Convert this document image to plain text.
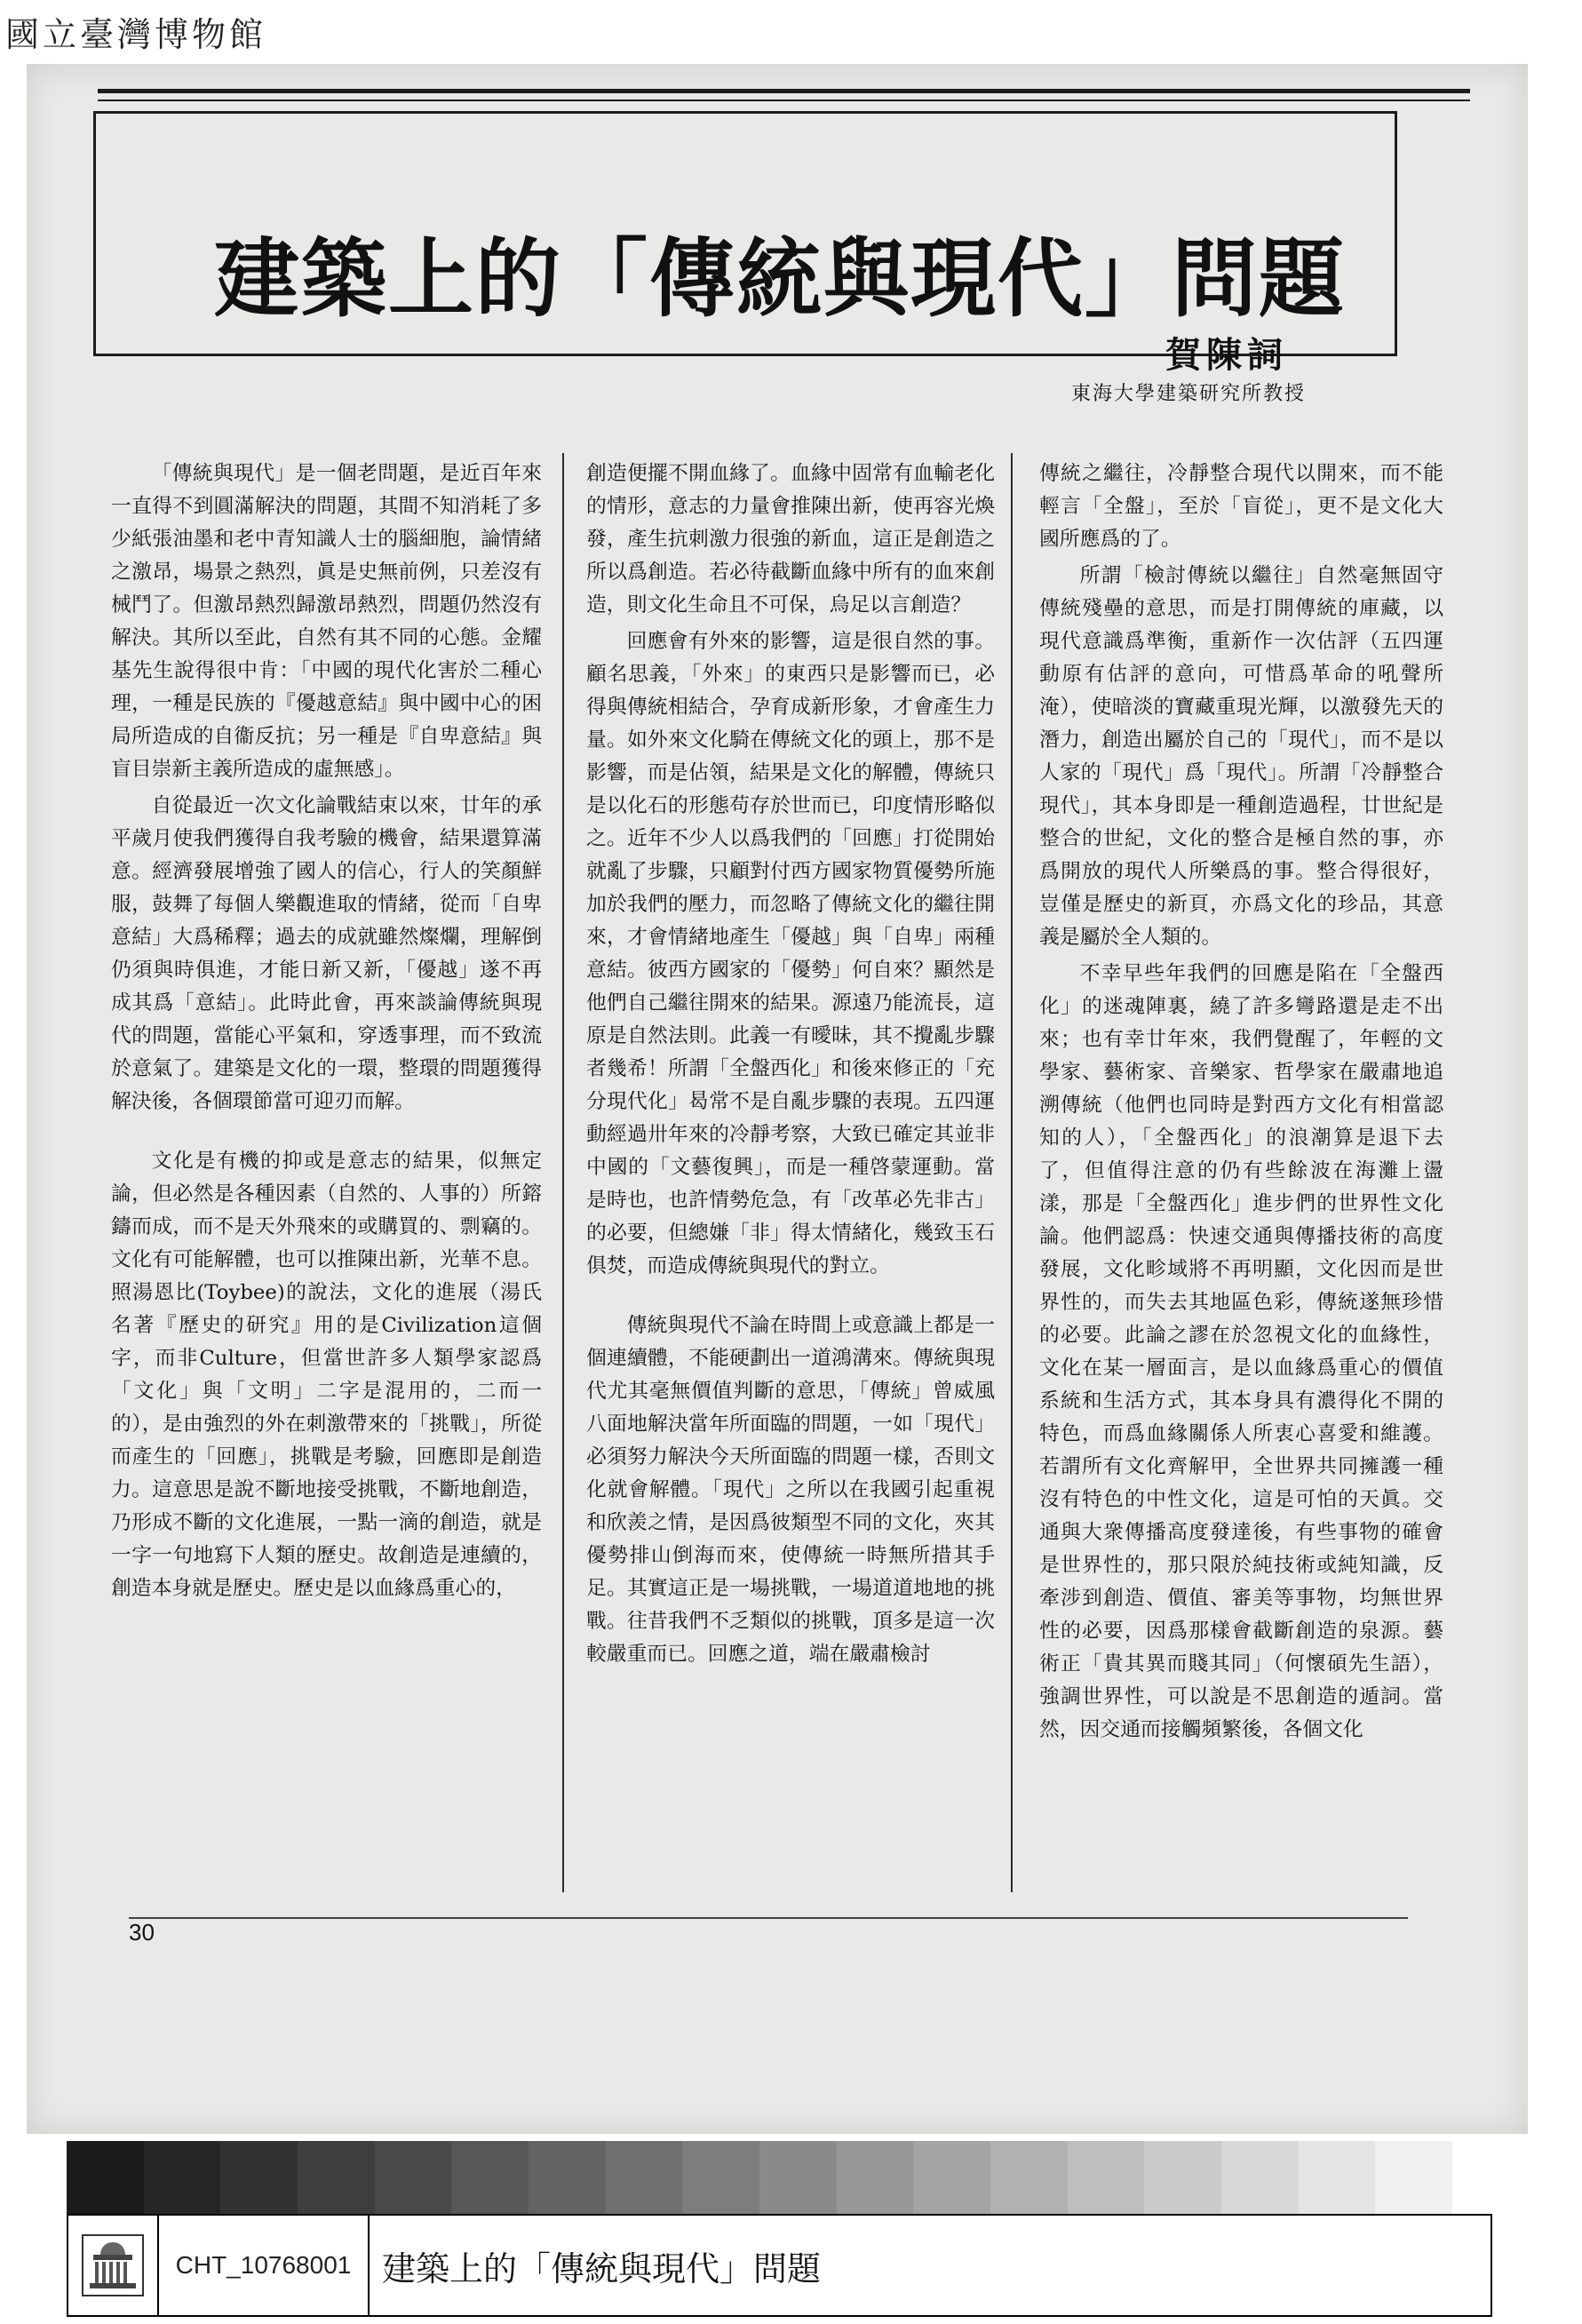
國立臺灣博物館
建築上的「傳統與現代」問題
賀陳詞
東海大學建築研究所教授

「傳統與現代」是一個老問題，是近百年來一直得不到圓滿解決的問題，其間不知消耗了多少紙張油墨和老中青知識人士的腦細胞，論情緒之激昂，場景之熱烈，眞是史無前例，只差沒有械鬥了。但激昂熱烈歸激昂熱烈，問題仍然沒有解決。其所以至此，自然有其不同的心態。金耀基先生說得很中肯：「中國的現代化害於二種心理，一種是民族的『優越意結』與中國中心的困局所造成的自衞反抗；另一種是『自卑意結』與盲目崇新主義所造成的虛無感」。

自從最近一次文化論戰結束以來，廿年的承平歲月使我們獲得自我考驗的機會，結果還算滿意。經濟發展增強了國人的信心，行人的笑顏鮮服，鼓舞了每個人樂觀進取的情緒，從而「自卑意結」大爲稀釋；過去的成就雖然燦爛，理解倒仍須與時俱進，才能日新又新，「優越」遂不再成其爲「意結」。此時此會，再來談論傳統與現代的問題，當能心平氣和，穿透事理，而不致流於意氣了。建築是文化的一環，整環的問題獲得解決後，各個環節當可迎刃而解。

文化是有機的抑或是意志的結果，似無定論，但必然是各種因素（自然的、人事的）所鎔鑄而成，而不是天外飛來的或購買的、剽竊的。文化有可能解體，也可以推陳出新，光華不息。照湯恩比(Toybee)的說法，文化的進展（湯氏名著『歷史的研究』用的是Civilization這個字，而非Culture，但當世許多人類學家認爲「文化」與「文明」二字是混用的，二而一的），是由強烈的外在刺激帶來的「挑戰」，所從而產生的「回應」，挑戰是考驗，回應即是創造力。這意思是說不斷地接受挑戰，不斷地創造，乃形成不斷的文化進展，一點一滴的創造，就是一字一句地寫下人類的歷史。故創造是連續的，創造本身就是歷史。歷史是以血緣爲重心的，

創造便擺不開血緣了。血緣中固常有血輸老化的情形，意志的力量會推陳出新，使再容光煥發，產生抗刺激力很強的新血，這正是創造之所以爲創造。若必待截斷血緣中所有的血來創造，則文化生命且不可保，烏足以言創造？

回應會有外來的影響，這是很自然的事。顧名思義，「外來」的東西只是影響而已，必得與傳統相結合，孕育成新形象，才會產生力量。如外來文化騎在傳統文化的頭上，那不是影響，而是佔領，結果是文化的解體，傳統只是以化石的形態苟存於世而已，印度情形略似之。近年不少人以爲我們的「回應」打從開始就亂了步驟，只顧對付西方國家物質優勢所施加於我們的壓力，而忽略了傳統文化的繼往開來，才會情緒地產生「優越」與「自卑」兩種意結。彼西方國家的「優勢」何自來？顯然是他們自己繼往開來的結果。源遠乃能流長，這原是自然法則。此義一有曖昧，其不攪亂步驟者幾希！所謂「全盤西化」和後來修正的「充分現代化」曷常不是自亂步驟的表現。五四運動經過卅年來的冷靜考察，大致已確定其並非中國的「文藝復興」，而是一種啓蒙運動。當是時也，也許情勢危急，有「改革必先非古」的必要，但總嫌「非」得太情緒化，幾致玉石俱焚，而造成傳統與現代的對立。

傳統與現代不論在時間上或意識上都是一個連續體，不能硬劃出一道鴻溝來。傳統與現代尤其毫無價值判斷的意思，「傳統」曾威風八面地解決當年所面臨的問題，一如「現代」必須努力解決今天所面臨的問題一樣，否則文化就會解體。「現代」之所以在我國引起重視和欣羨之情，是因爲彼類型不同的文化，夾其優勢排山倒海而來，使傳統一時無所措其手足。其實這正是一場挑戰，一場道道地地的挑戰。往昔我們不乏類似的挑戰，頂多是這一次較嚴重而已。回應之道，端在嚴肅檢討

傳統之繼往，冷靜整合現代以開來，而不能輕言「全盤」，至於「盲從」，更不是文化大國所應爲的了。

所謂「檢討傳統以繼往」自然毫無固守傳統殘壘的意思，而是打開傳統的庫藏，以現代意識爲準衡，重新作一次估評（五四運動原有估評的意向，可惜爲革命的吼聲所淹），使暗淡的寶藏重現光輝，以激發先天的潛力，創造出屬於自己的「現代」，而不是以人家的「現代」爲「現代」。所謂「冷靜整合現代」，其本身即是一種創造過程，廿世紀是整合的世紀，文化的整合是極自然的事，亦爲開放的現代人所樂爲的事。整合得很好，豈僅是歷史的新頁，亦爲文化的珍品，其意義是屬於全人類的。

不幸早些年我們的回應是陷在「全盤西化」的迷魂陣裏，繞了許多彎路還是走不出來；也有幸廿年來，我們覺醒了，年輕的文學家、藝術家、音樂家、哲學家在嚴肅地追溯傳統（他們也同時是對西方文化有相當認知的人），「全盤西化」的浪潮算是退下去了，但值得注意的仍有些餘波在海灘上盪漾，那是「全盤西化」進步們的世界性文化論。他們認爲：快速交通與傳播技術的高度發展，文化畛域將不再明顯，文化因而是世界性的，而失去其地區色彩，傳統遂無珍惜的必要。此論之謬在於忽視文化的血緣性，文化在某一層面言，是以血緣爲重心的價值系統和生活方式，其本身具有濃得化不開的特色，而爲血緣關係人所衷心喜愛和維護。若謂所有文化齊解甲，全世界共同擁護一種沒有特色的中性文化，這是可怕的天眞。交通與大衆傳播高度發達後，有些事物的確會是世界性的，那只限於純技術或純知識，反牽涉到創造、價值、審美等事物，均無世界性的必要，因爲那樣會截斷創造的泉源。藝術正「貴其異而賤其同」（何懷碩先生語），強調世界性，可以說是不思創造的遁詞。當然，因交通而接觸頻繁後，各個文化

30
CHT_10768001 建築上的「傳統與現代」問題
